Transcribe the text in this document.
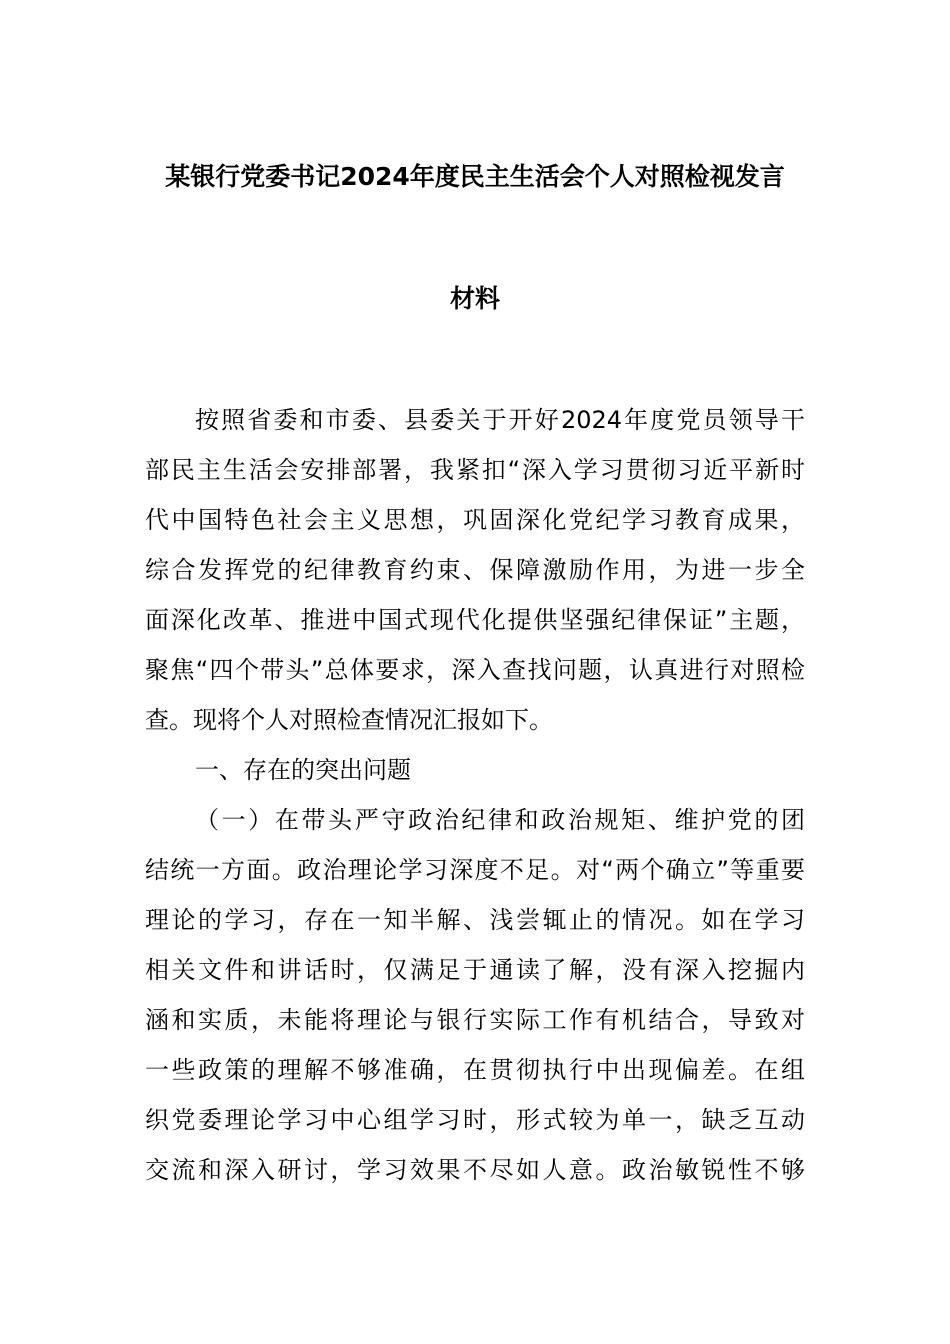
某银行党委书记2024年度民主生活会个人对照检视发言
材料
按照省委和市委、县委关于开好2024年度党员领导干
部民主生活会安排部署，我紧扣“深入学习贯彻习近平新时
代中国特色社会主义思想，巩固深化党纪学习教育成果，
综合发挥党的纪律教育约束、保障激励作用，为进一步全
面深化改革、推进中国式现代化提供坚强纪律保证”主题，
聚焦“四个带头”总体要求，深入查找问题，认真进行对照检
查。现将个人对照检查情况汇报如下。
一、存在的突出问题
（一）在带头严守政治纪律和政治规矩、维护党的团
结统一方面。政治理论学习深度不足。对“两个确立”等重要
理论的学习，存在一知半解、浅尝辄止的情况。如在学习
相关文件和讲话时，仅满足于通读了解，没有深入挖掘内
涵和实质，未能将理论与银行实际工作有机结合，导致对
一些政策的理解不够准确，在贯彻执行中出现偏差。在组
织党委理论学习中心组学习时，形式较为单一，缺乏互动
交流和深入研讨，学习效果不尽如人意。政治敏锐性不够
